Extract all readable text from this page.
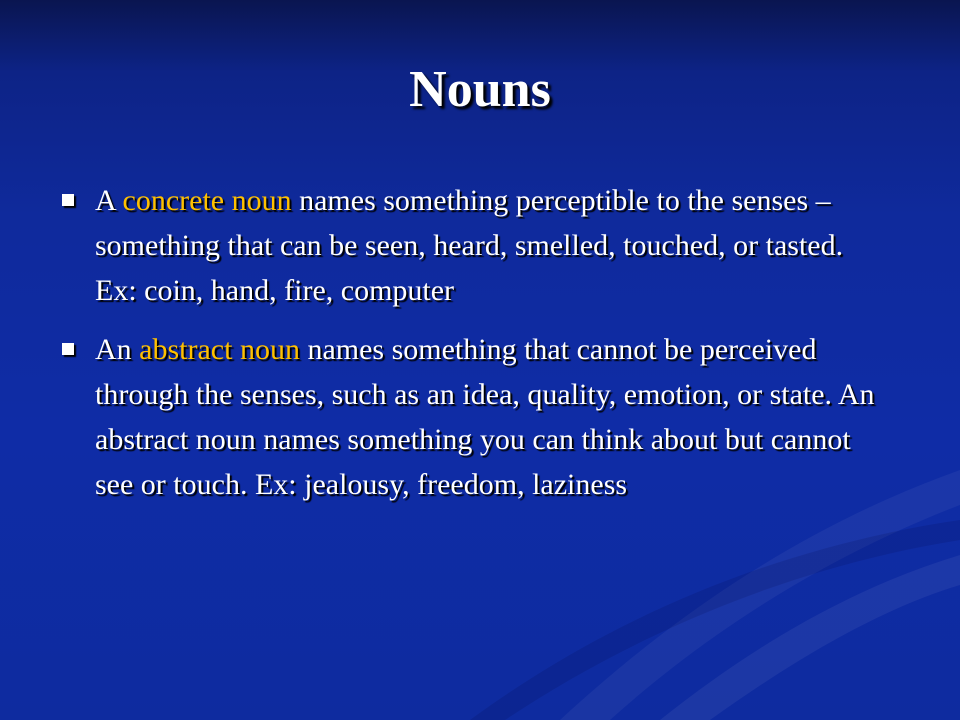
Nouns
A concrete noun names something perceptible to the senses – something that can be seen, heard, smelled, touched, or tasted. Ex: coin, hand, fire, computer
An abstract noun names something that cannot be perceived through the senses, such as an idea, quality, emotion, or state. An abstract noun names something you can think about but cannot see or touch. Ex: jealousy, freedom, laziness
